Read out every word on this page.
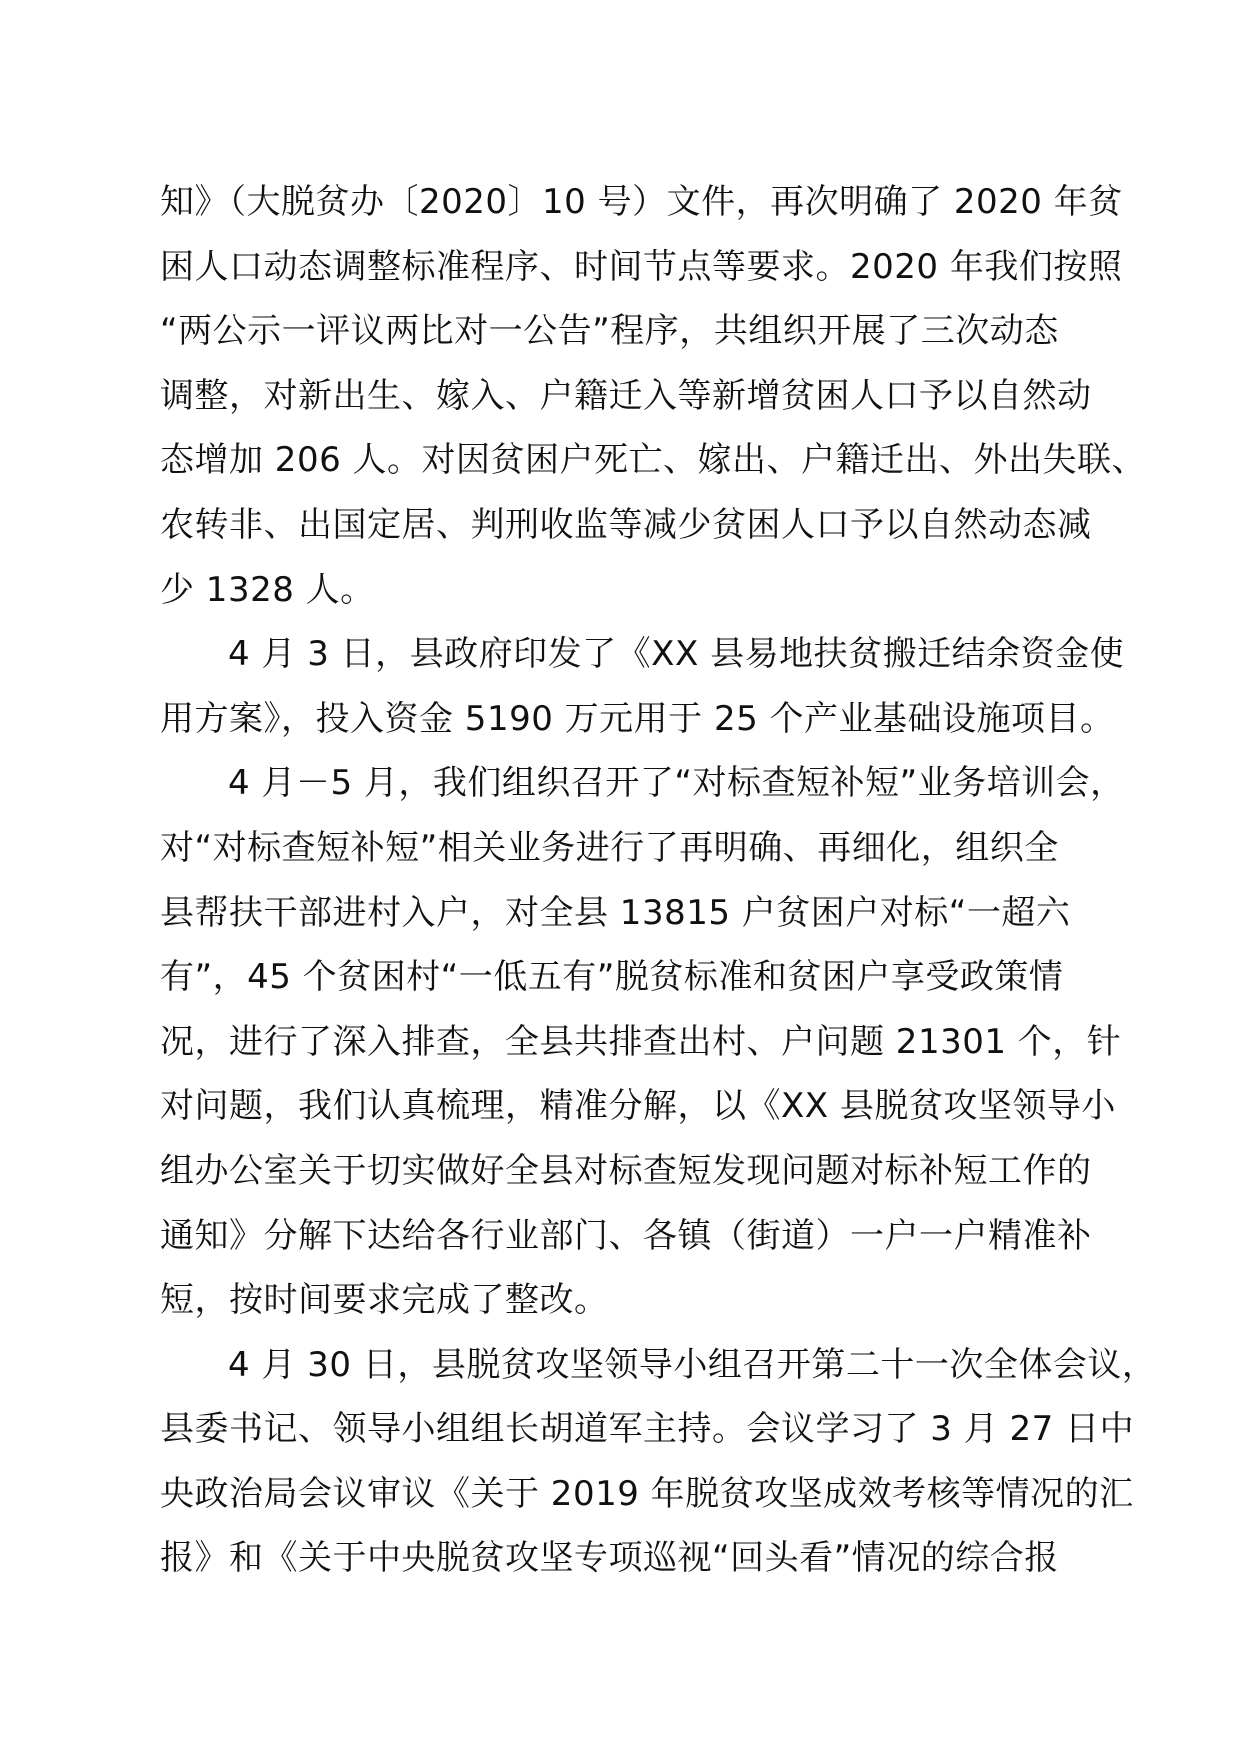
知》（大脱贫办〔2020〕10 号）文件，再次明确了 2020 年贫
困人口动态调整标准程序、时间节点等要求。2020 年我们按照
“两公示一评议两比对一公告”程序，共组织开展了三次动态
调整，对新出生、嫁入、户籍迁入等新增贫困人口予以自然动
态增加 206 人。对因贫困户死亡、嫁出、户籍迁出、外出失联、
农转非、出国定居、判刑收监等减少贫困人口予以自然动态减
少 1328 人。
4 月 3 日，县政府印发了《XX 县易地扶贫搬迁结余资金使
用方案》，投入资金 5190 万元用于 25 个产业基础设施项目。
4 月－5 月，我们组织召开了“对标查短补短”业务培训会，
对“对标查短补短”相关业务进行了再明确、再细化，组织全
县帮扶干部进村入户，对全县 13815 户贫困户对标“一超六
有”，45 个贫困村“一低五有”脱贫标准和贫困户享受政策情
况，进行了深入排查，全县共排查出村、户问题 21301 个，针
对问题，我们认真梳理，精准分解，以《XX 县脱贫攻坚领导小
组办公室关于切实做好全县对标查短发现问题对标补短工作的
通知》分解下达给各行业部门、各镇（街道）一户一户精准补
短，按时间要求完成了整改。
4 月 30 日，县脱贫攻坚领导小组召开第二十一次全体会议，
县委书记、领导小组组长胡道军主持。会议学习了 3 月 27 日中
央政治局会议审议《关于 2019 年脱贫攻坚成效考核等情况的汇
报》和《关于中央脱贫攻坚专项巡视“回头看”情况的综合报
